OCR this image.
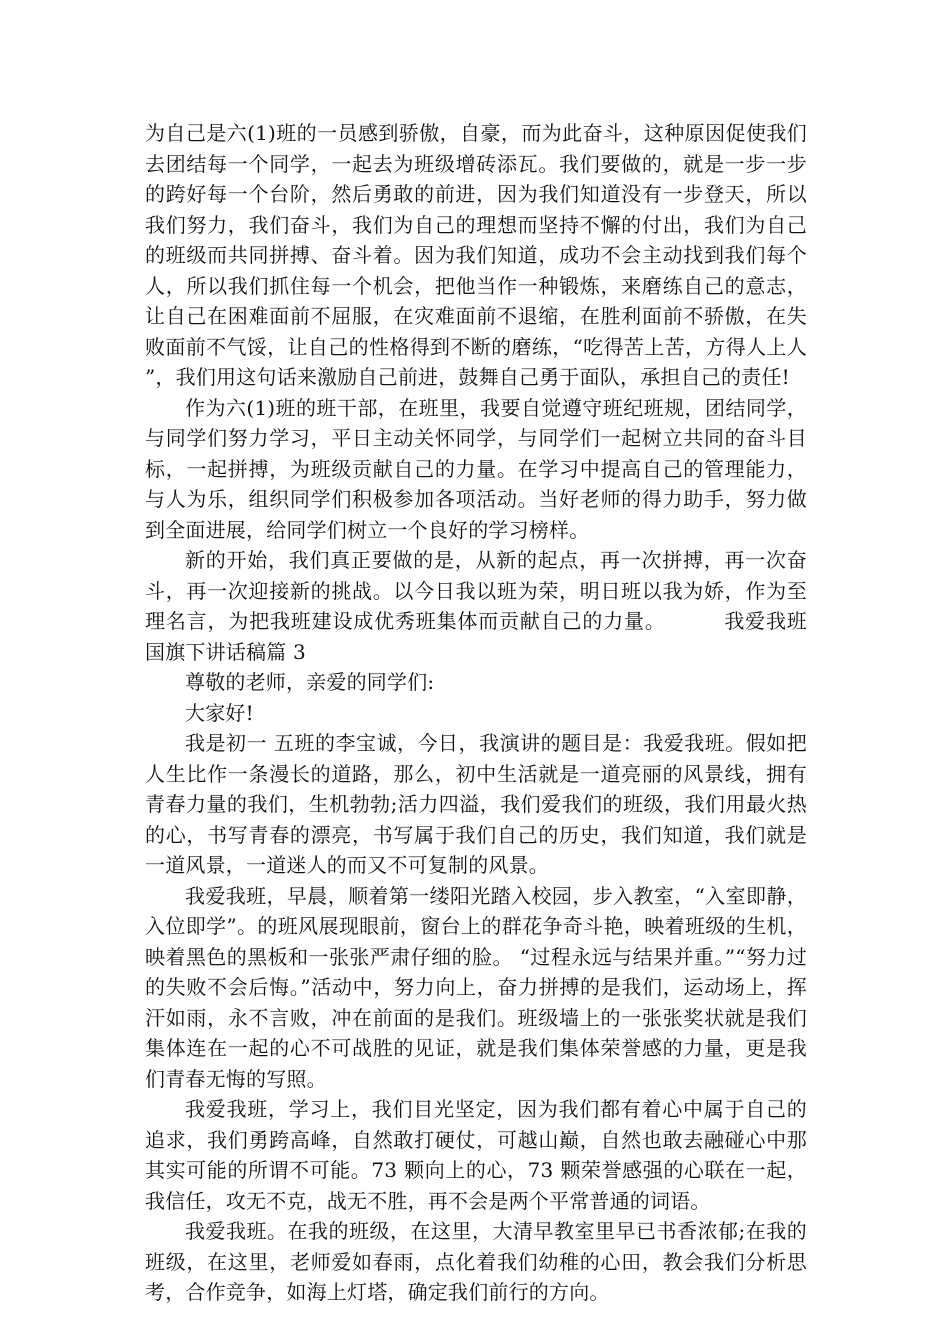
为自己是六(1)班的一员感到骄傲，自豪，而为此奋斗，这种原因促使我们去团结每一个同学，一起去为班级增砖添瓦。我们要做的，就是一步一步的跨好每一个台阶，然后勇敢的前进，因为我们知道没有一步登天，所以我们努力，我们奋斗，我们为自己的理想而坚持不懈的付出，我们为自己的班级而共同拼搏、奋斗着。因为我们知道，成功不会主动找到我们每个人，所以我们抓住每一个机会，把他当作一种锻炼，来磨练自己的意志，让自己在困难面前不屈服，在灾难面前不退缩，在胜利面前不骄傲，在失败面前不气馁，让自己的性格得到不断的磨练，“吃得苦上苦，方得人上人”，我们用这句话来激励自己前进，鼓舞自己勇于面队，承担自己的责任!

作为六(1)班的班干部，在班里，我要自觉遵守班纪班规，团结同学，与同学们努力学习，平日主动关怀同学，与同学们一起树立共同的奋斗目标，一起拼搏，为班级贡献自己的力量。在学习中提高自己的管理能力，与人为乐，组织同学们积极参加各项活动。当好老师的得力助手，努力做到全面进展，给同学们树立一个良好的学习榜样。

新的开始，我们真正要做的是，从新的起点，再一次拼搏，再一次奋斗，再一次迎接新的挑战。以今日我以班为荣，明日班以我为娇，作为至理名言，为把我班建设成优秀班集体而贡献自己的力量。	我爱我班国旗下讲话稿篇 3

尊敬的老师，亲爱的同学们:

大家好!

我是初一 五班的李宝诚，今日，我演讲的题目是：我爱我班。假如把人生比作一条漫长的道路，那么，初中生活就是一道亮丽的风景线，拥有青春力量的我们，生机勃勃;活力四溢，我们爱我们的班级，我们用最火热的心，书写青春的漂亮，书写属于我们自己的历史，我们知道，我们就是一道风景，一道迷人的而又不可复制的风景。

我爱我班，早晨，顺着第一缕阳光踏入校园，步入教室，“入室即静，入位即学”。的班风展现眼前，窗台上的群花争奇斗艳，映着班级的生机，映着黑色的黑板和一张张严肃仔细的脸。 “过程永远与结果并重。”“努力过的失败不会后悔。”活动中，努力向上，奋力拼搏的是我们，运动场上，挥汗如雨，永不言败，冲在前面的是我们。班级墙上的一张张奖状就是我们集体连在一起的心不可战胜的见证，就是我们集体荣誉感的力量，更是我们青春无悔的写照。

我爱我班，学习上，我们目光坚定，因为我们都有着心中属于自己的追求，我们勇跨高峰，自然敢打硬仗，可越山巅，自然也敢去融碰心中那其实可能的所谓不可能。73 颗向上的心，73 颗荣誉感强的心联在一起，我信任，攻无不克，战无不胜，再不会是两个平常普通的词语。

我爱我班。在我的班级，在这里，大清早教室里早已书香浓郁;在我的班级，在这里，老师爱如春雨，点化着我们幼稚的心田，教会我们分析思考，合作竞争，如海上灯塔，确定我们前行的方向。
